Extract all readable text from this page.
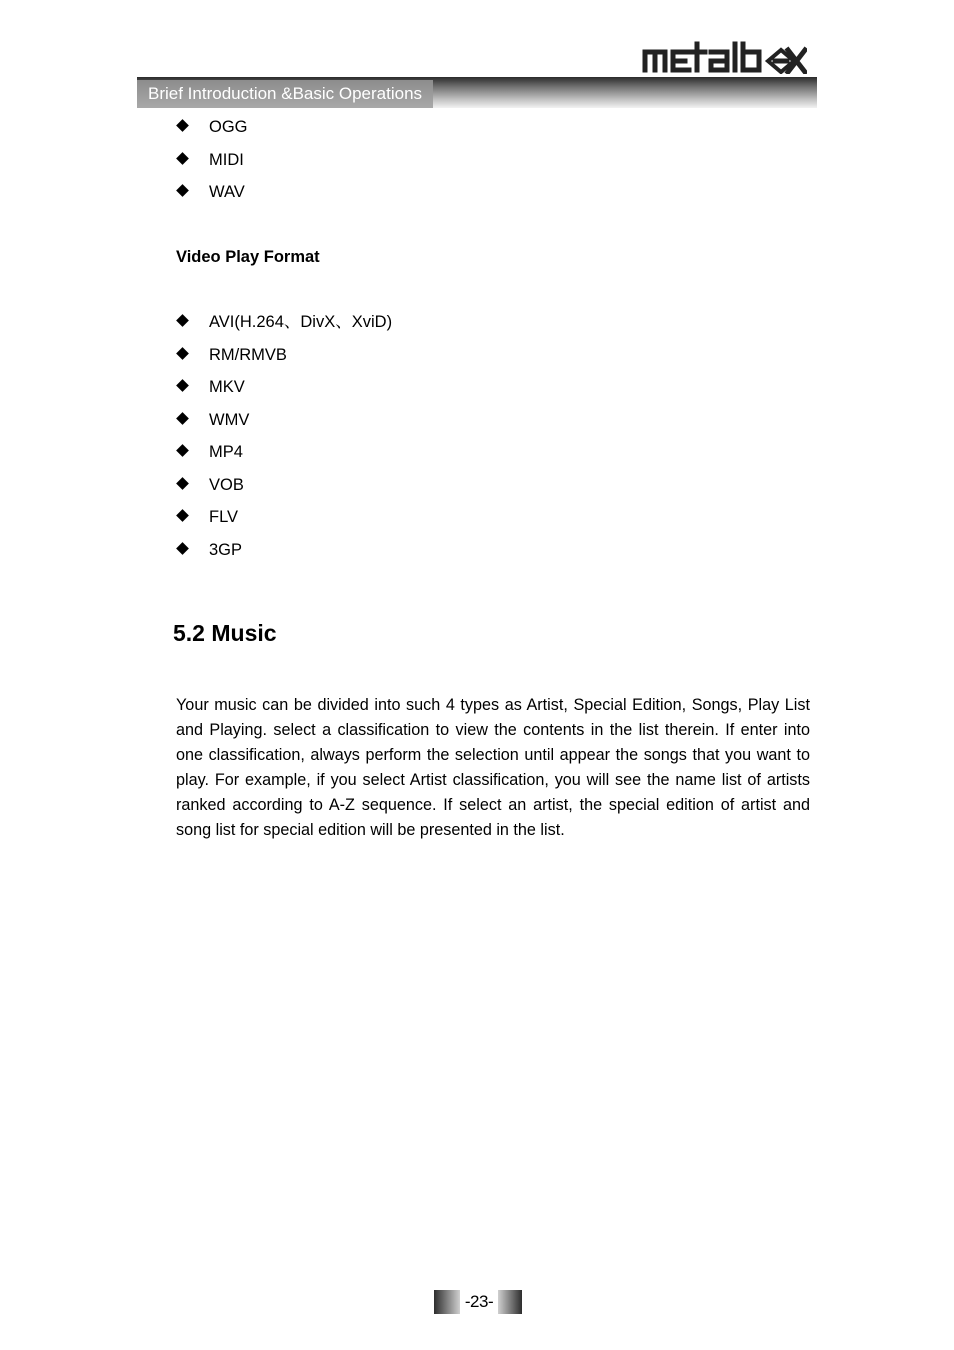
Brief Introduction &Basic Operations
OGG
MIDI
WAV
Video Play Format
AVI(H.264、DivX、XviD)
RM/RMVB
MKV
WMV
MP4
VOB
FLV
3GP
5.2 Music

Your music can be divided into such 4 types as Artist, Special Edition, Songs, Play List and Playing. select a classification to view the contents in the list therein. If enter into one classification, always perform the selection until appear the songs that you want to play. For example, if you select Artist classification, you will see the name list of artists ranked according to A-Z sequence. If select an artist, the special edition of artist and song list for special edition will be presented in the list.

-23-
